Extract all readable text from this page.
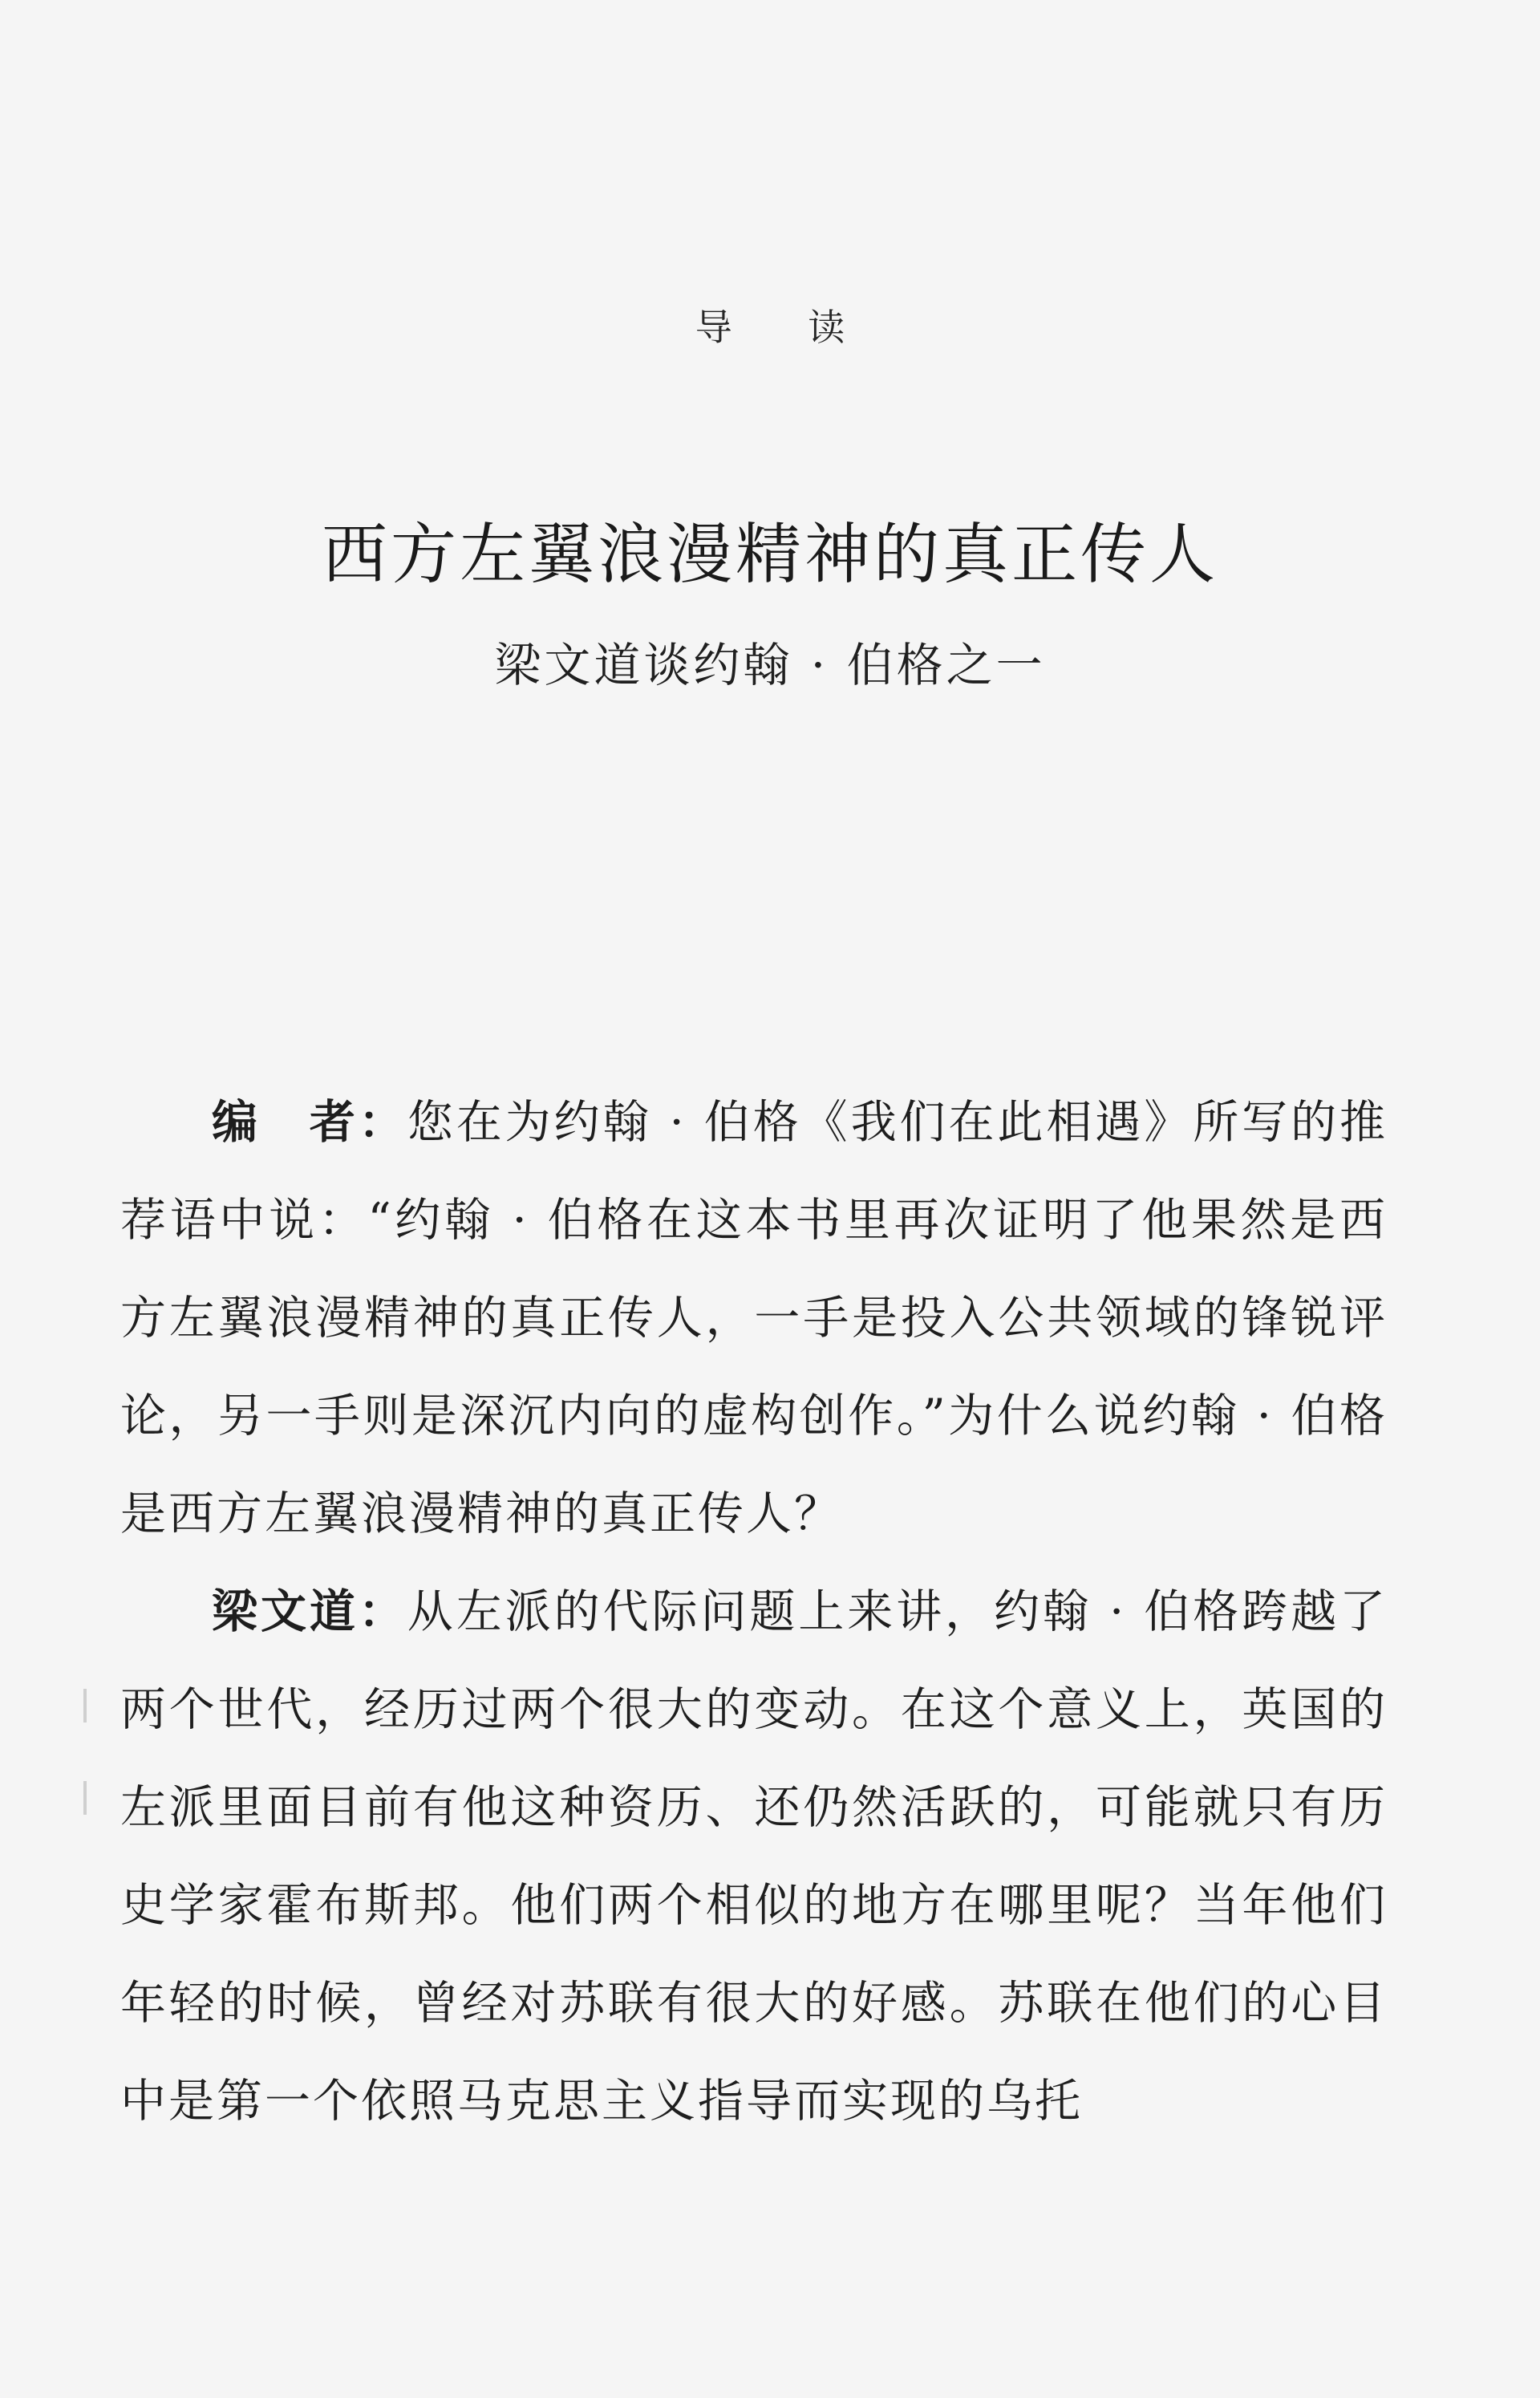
导 读
西方左翼浪漫精神的真正传人
梁文道谈约翰 · 伯格之一

编　者：您在为约翰 · 伯格《我们在此相遇》所写的推荐语中说：“约翰 · 伯格在这本书里再次证明了他果然是西方左翼浪漫精神的真正传人，一手是投入公共领域的锋锐评论，另一手则是深沉内向的虚构创作。”为什么说约翰 · 伯格是西方左翼浪漫精神的真正传人？

梁文道：从左派的代际问题上来讲，约翰 · 伯格跨越了两个世代，经历过两个很大的变动。在这个意义上，英国的左派里面目前有他这种资历、还仍然活跃的，可能就只有历史学家霍布斯邦。他们两个相似的地方在哪里呢？当年他们年轻的时候，曾经对苏联有很大的好感。苏联在他们的心目中是第一个依照马克思主义指导而实现的乌托
